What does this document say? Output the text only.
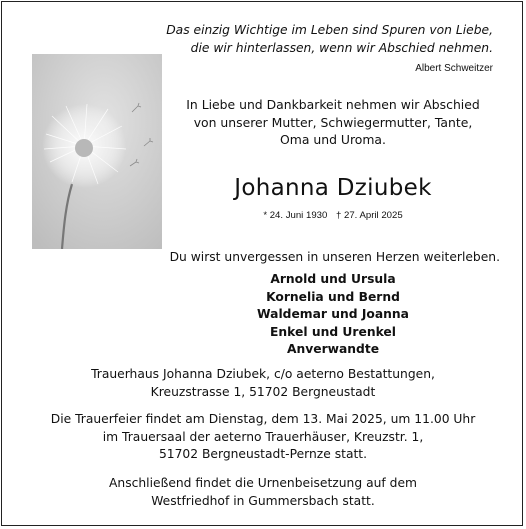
Das einzig Wichtige im Leben sind Spuren von Liebe,
die wir hinterlassen, wenn wir Abschied nehmen.
Albert Schweitzer
In Liebe und Dankbarkeit nehmen wir Abschied
von unserer Mutter, Schwiegermutter, Tante,
Oma und Uroma.
Johanna Dziubek
* 24. Juni 1930 † 27. April 2025
Du wirst unvergessen in unseren Herzen weiterleben.
Arnold und Ursula
Kornelia und Bernd
Waldemar und Joanna
Enkel und Urenkel
Anverwandte
Trauerhaus Johanna Dziubek, c/o aeterno Bestattungen,
Kreuzstrasse 1, 51702 Bergneustadt
Die Trauerfeier findet am Dienstag, dem 13. Mai 2025, um 11.00 Uhr
im Trauersaal der aeterno Trauerhäuser, Kreuzstr. 1,
51702 Bergneustadt-Pernze statt.
Anschließend findet die Urnenbeisetzung auf dem
Westfriedhof in Gummersbach statt.
